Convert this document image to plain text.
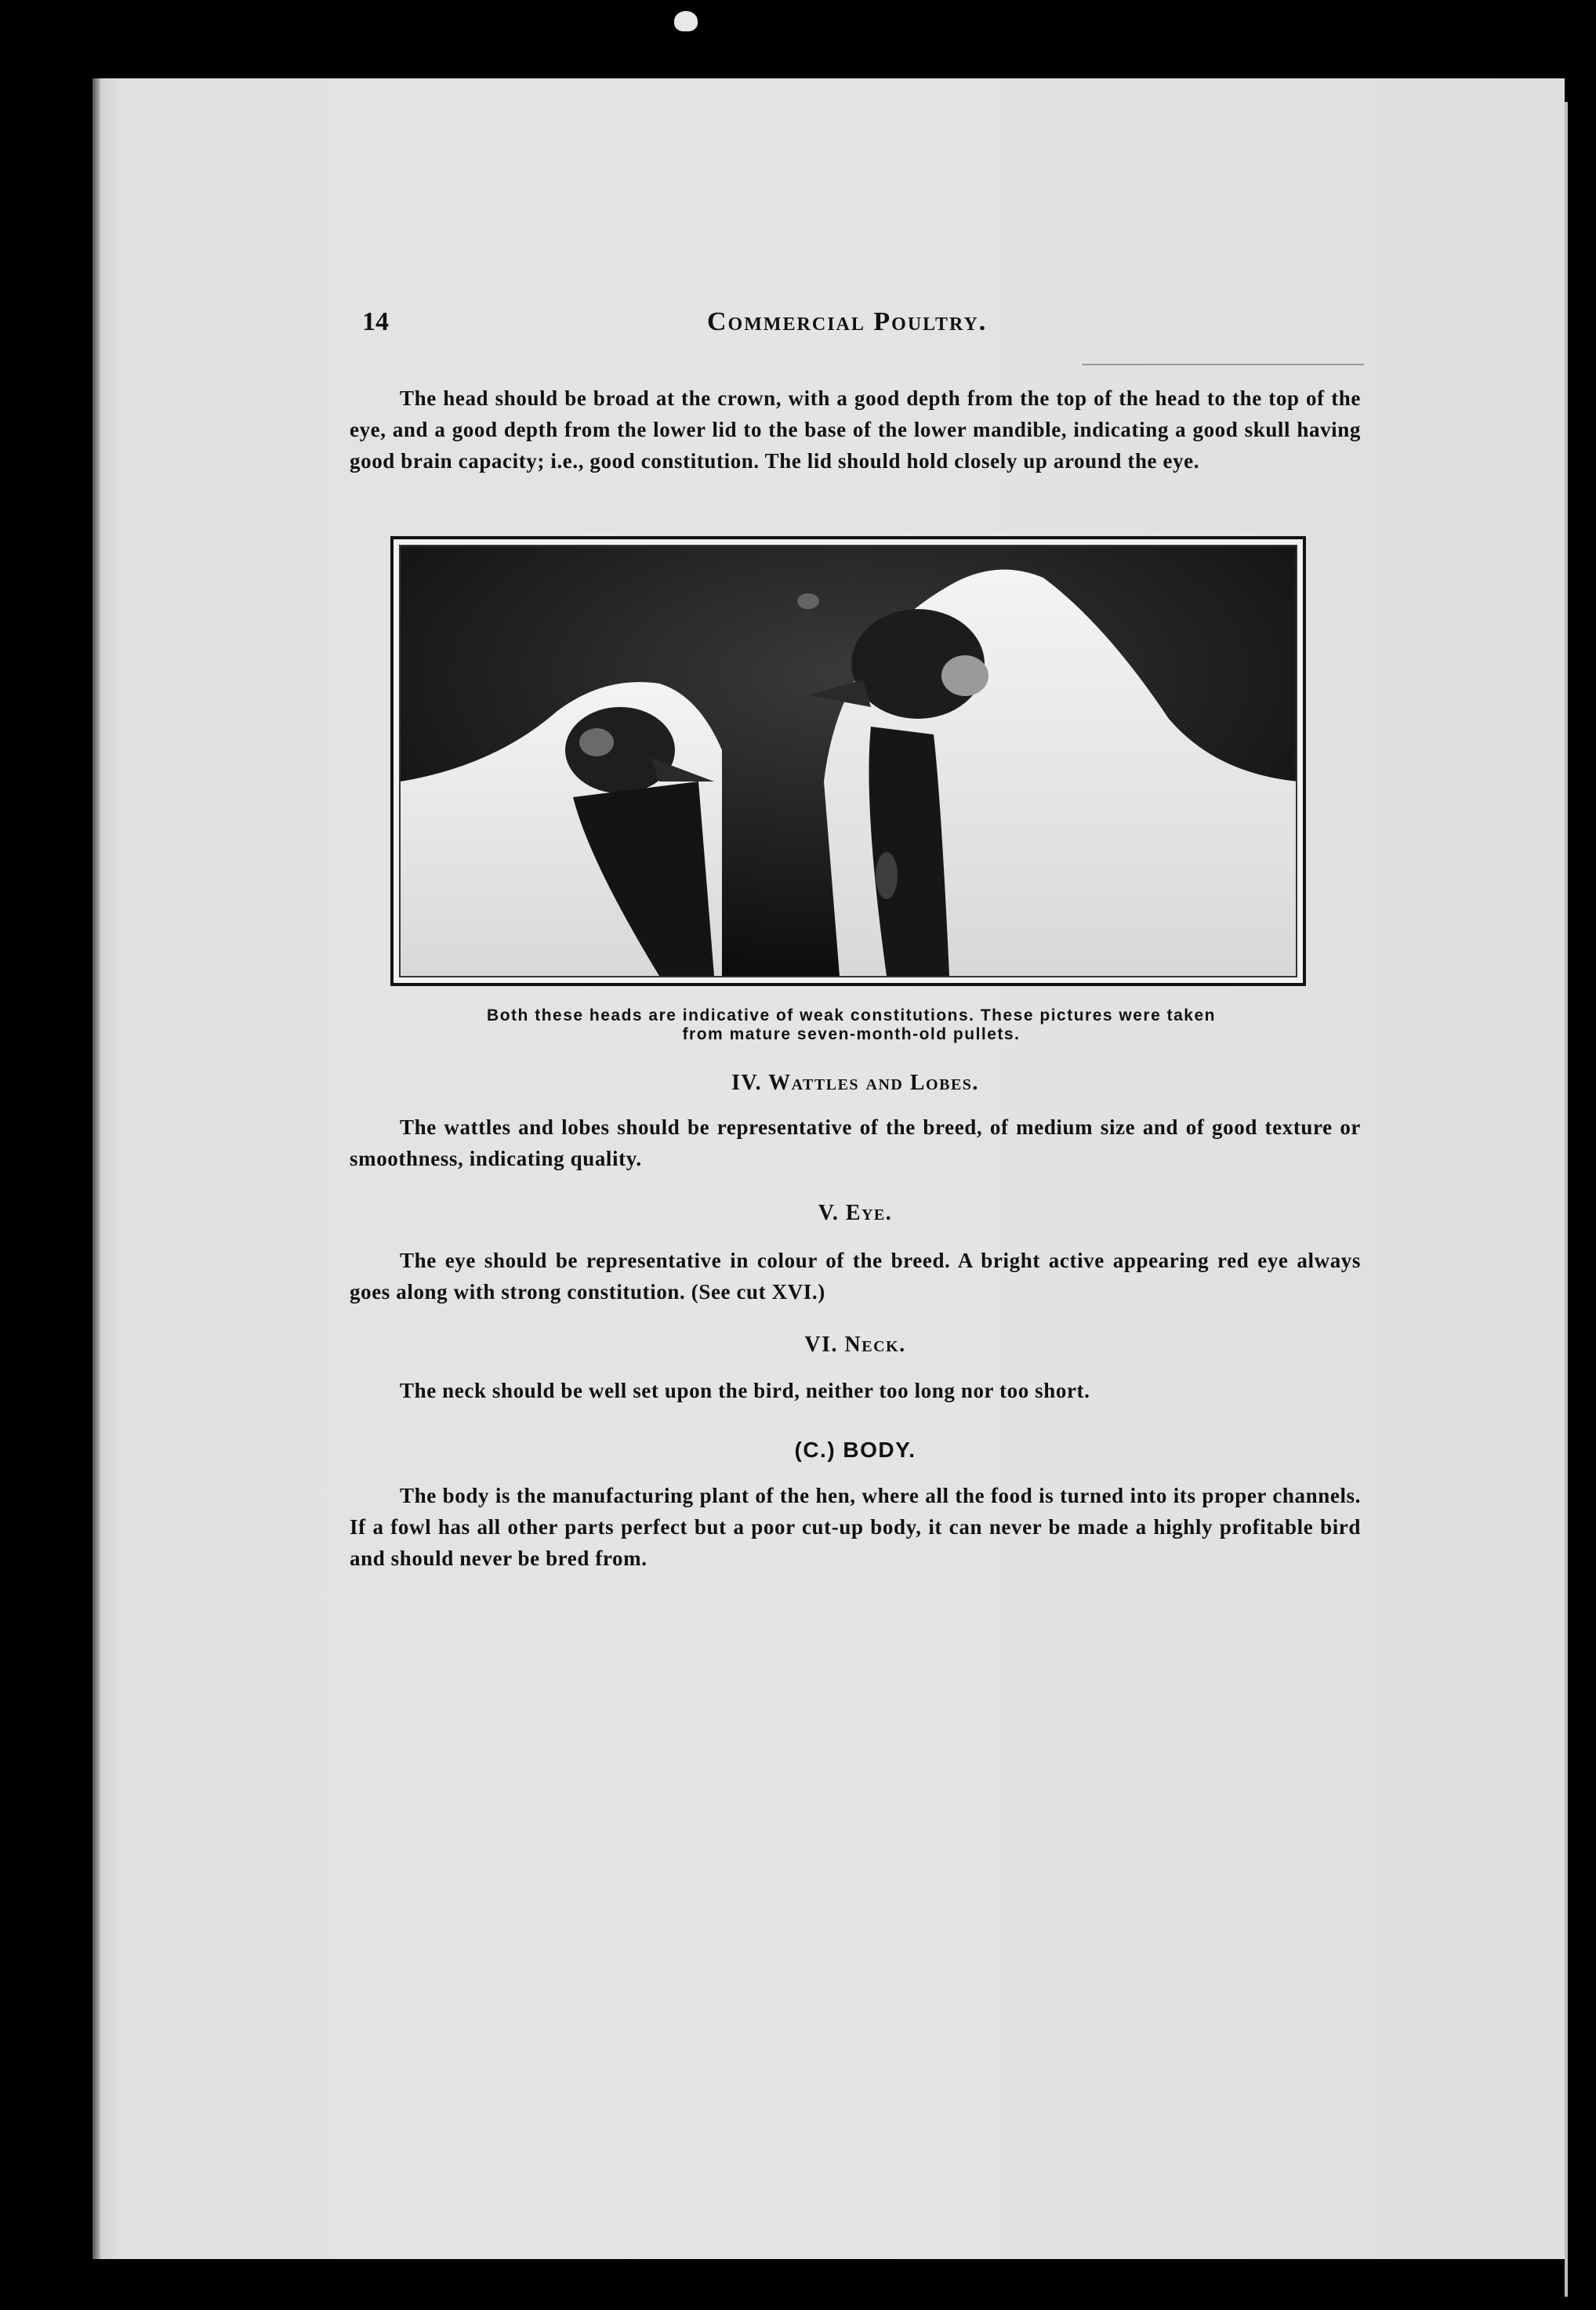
14	Commercial Poultry.
The head should be broad at the crown, with a good depth from the top of the head to the top of the eye, and a good depth from the lower lid to the base of the lower mandible, indicating a good skull having good brain capacity; i.e., good constitution. The lid should hold closely up around the eye.
Both these heads are indicative of weak constitutions. These pictures were taken
from mature seven-month-old pullets.
IV. Wattles and Lobes.
The wattles and lobes should be representative of the breed, of medium size and of good texture or smoothness, indicating quality.
V. Eye.
The eye should be representative in colour of the breed. A bright active appearing red eye always goes along with strong constitution. (See cut XVI.)
VI. Neck.
The neck should be well set upon the bird, neither too long nor too short.
(C.) BODY.
The body is the manufacturing plant of the hen, where all the food is turned into its proper channels. If a fowl has all other parts perfect but a poor cut-up body, it can never be made a highly profitable bird and should never be bred from.
